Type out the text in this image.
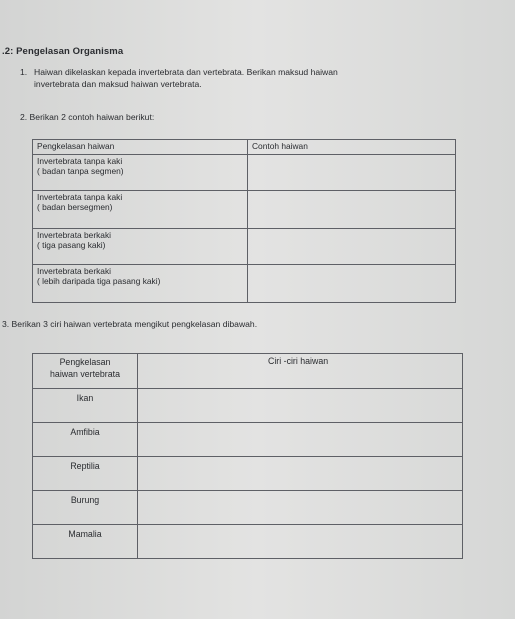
.2: Pengelasan Organisma
1. Haiwan dikelaskan kepada invertebrata dan vertebrata. Berikan maksud haiwan
invertebrata dan maksud haiwan vertebrata.
2. Berikan 2 contoh haiwan berikut:
Pengkelasan haiwan	Contoh haiwan

Invertebrata tanpa kaki
( badan tanpa segmen)	

Invertebrata tanpa kaki
( badan bersegmen)	

Invertebrata berkaki
( tiga pasang kaki)	

Invertebrata berkaki
( lebih daripada tiga pasang kaki)	

3. Berikan 3 ciri haiwan vertebrata mengikut pengkelasan dibawah.
Pengkelasan
haiwan vertebrata	Ciri -ciri haiwan
Ikan	
Amfibia	
Reptilia	
Burung	
Mamalia	
